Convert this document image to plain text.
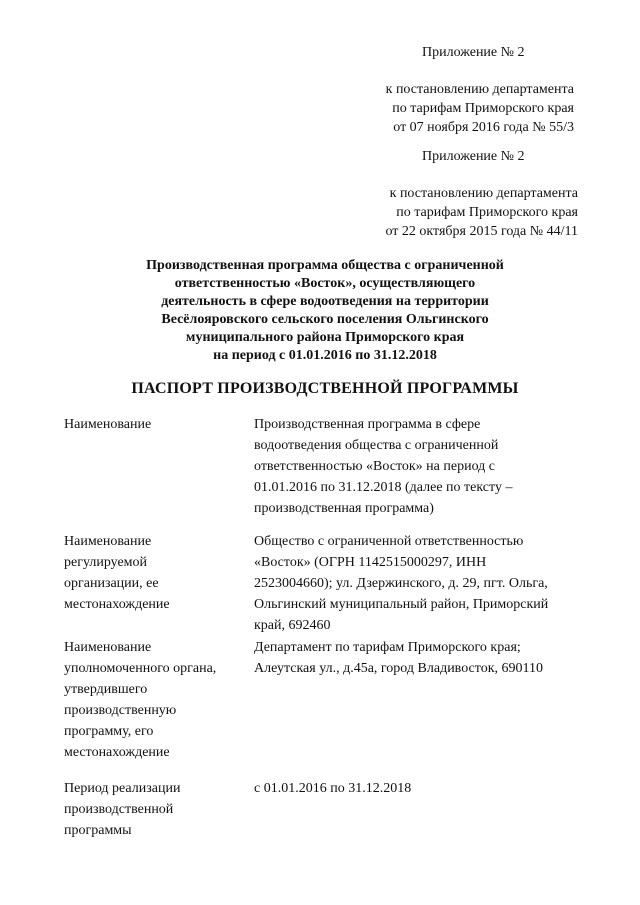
Приложение № 2
к постановлению департамента
по тарифам Приморского края
от 07 ноября 2016 года № 55/3
Приложение № 2
к постановлению департамента
по тарифам Приморского края
от 22 октября 2015 года № 44/11
Производственная программа общества с ограниченной
ответственностью «Восток», осуществляющего
деятельность в сфере водоотведения на территории
Весёлояровского сельского поселения Ольгинского
муниципального района Приморского края
на период с 01.01.2016 по 31.12.2018
ПАСПОРТ ПРОИЗВОДСТВЕННОЙ ПРОГРАММЫ
Наименование	Производственная программа в сфере
водоотведения общества с ограниченной
ответственностью «Восток» на период с
01.01.2016 по 31.12.2018 (далее по тексту –
производственная программа)
Наименование
регулируемой
организации, ее
местонахождение
Общество с ограниченной ответственностью
«Восток» (ОГРН 1142515000297, ИНН
2523004660); ул. Дзержинского, д. 29, пгт. Ольга,
Ольгинский муниципальный район, Приморский
край, 692460
Наименование
уполномоченного органа,
утвердившего
производственную
программу, его
местонахождение
Департамент по тарифам Приморского края;
Алеутская ул., д.45а, город Владивосток, 690110
Период реализации
производственной
программы
с 01.01.2016 по 31.12.2018
